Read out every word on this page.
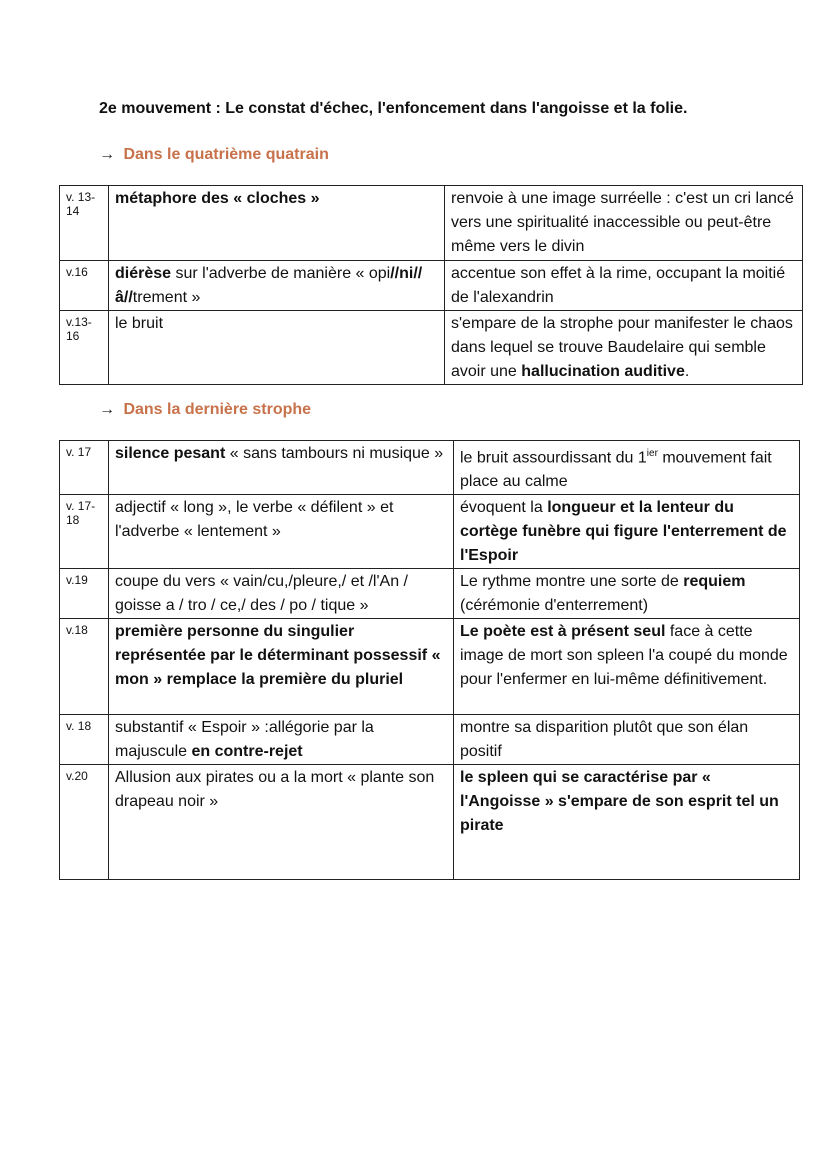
2e mouvement : Le constat d'échec, l'enfoncement dans l'angoisse et la folie.
→ Dans le quatrième quatrain
v. 13-14	métaphore des « cloches »	renvoie à une image surréelle : c'est un cri lancé vers une spiritualité inaccessible ou peut-être même vers le divin
v.16	diérèse sur l'adverbe de manière « opi//ni//â//trement »	accentue son effet à la rime, occupant la moitié de l'alexandrin
v.13-16	le bruit	s'empare de la strophe pour manifester le chaos dans lequel se trouve Baudelaire qui semble avoir une hallucination auditive.
→ Dans la dernière strophe
v. 17	silence pesant « sans tambours ni musique »	le bruit assourdissant du $1^{ier}$ mouvement fait place au calme
v. 17-18	adjectif « long », le verbe « défilent » et l'adverbe « lentement »	évoquent la longueur et la lenteur du cortège funèbre qui figure l'enterrement de l'Espoir
v.19	coupe du vers « vain/cu,/pleure,/ et /l'An / goisse a / tro / ce,/ des / po / tique »	Le rythme montre une sorte de requiem (cérémonie d'enterrement)
v.18	première personne du singulier représentée par le déterminant possessif « mon » remplace la première du pluriel	Le poète est à présent seul face à cette image de mort son spleen l'a coupé du monde pour l'enfermer en lui-même définitivement.
v. 18	substantif « Espoir » :allégorie par la majuscule en contre-rejet	montre sa disparition plutôt que son élan positif
v.20	Allusion aux pirates ou a la mort « plante son drapeau noir »	le spleen qui se caractérise par « l'Angoisse » s'empare de son esprit tel un pirate
